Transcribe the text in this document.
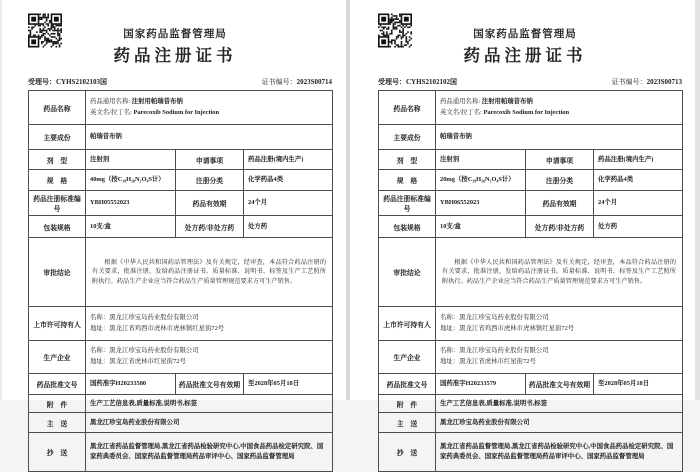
国家药品监督管理局
药品注册证书
受理号：CYHS2102103国	证书编号：2023S00714
药品名称	药品通用名称: 注射用帕瑞昔布钠
英文名/拉丁名: Parecoxib Sodium for Injection		

主要成份	帕瑞昔布钠		
剂　型	注射剂	申请事项	药品注册(境内生产)
规　格	40mg（按C₁₉H₁₈N₂O₄S计）	注册分类	化学药品4类
药品注册标准编号	YBH05552023	药品有效期	24个月
包装规格	10支/盒	处方药/非处方药	处方药
审批结论	根据《中华人民共和国药品管理法》及有关规定，经审查，本品符合药品注册的有关要求，批准注册，发给药品注册证书。质量标准、说明书、标签及生产工艺照所附执行。药品生产企业应当符合药品生产质量管理规范要求方可生产销售。		

上市许可持有人	名称：黑龙江珍宝岛药业股份有限公司
地址：黑龙江省鸡西市虎林市虎林镇红星街72号		

生产企业	名称：黑龙江珍宝岛药业股份有限公司
地址：黑龙江省虎林市红星街72号		

药品批准文号	国药准字H20233580	药品批准文号有效期	至2028年05月18日
附　件	生产工艺信息表,质量标准,说明书,标签		
主　送	黑龙江珍宝岛药业股份有限公司		
抄　送	黑龙江省药品监督管理局,黑龙江省药品检验研究中心,中国食品药品检定研究院、国家药典委员会、国家药品监督管理局药品审评中心、国家药品监督管理局		
国家药品监督管理局
药品注册证书
受理号：CYHS2102102国	证书编号：2023S00713
药品名称	药品通用名称: 注射用帕瑞昔布钠
英文名/拉丁名: Parecoxib Sodium for Injection		

主要成份	帕瑞昔布钠		
剂　型	注射剂	申请事项	药品注册(境内生产)
规　格	20mg（按C₁₉H₁₈N₂O₄S计）	注册分类	化学药品4类
药品注册标准编号	YBH06552023	药品有效期	24个月
包装规格	10支/盒	处方药/非处方药	处方药
审批结论	根据《中华人民共和国药品管理法》及有关规定，经审查，本品符合药品注册的有关要求，批准注册，发给药品注册证书。质量标准、说明书、标签及生产工艺照所附执行。药品生产企业应当符合药品生产质量管理规范要求方可生产销售。		

上市许可持有人	名称：黑龙江珍宝岛药业股份有限公司
地址：黑龙江省鸡西市虎林市虎林镇红星街72号		

生产企业	名称：黑龙江珍宝岛药业股份有限公司
地址：黑龙江省虎林市红星街72号		

药品批准文号	国药准字H20233579	药品批准文号有效期	至2028年05月18日
附　件	生产工艺信息表,质量标准,说明书,标签		
主　送	黑龙江珍宝岛药业股份有限公司		
抄　送	黑龙江省药品监督管理局,黑龙江省药品检验研究中心,中国食品药品检定研究院、国家药典委员会、国家药品监督管理局药品审评中心、国家药品监督管理局		
